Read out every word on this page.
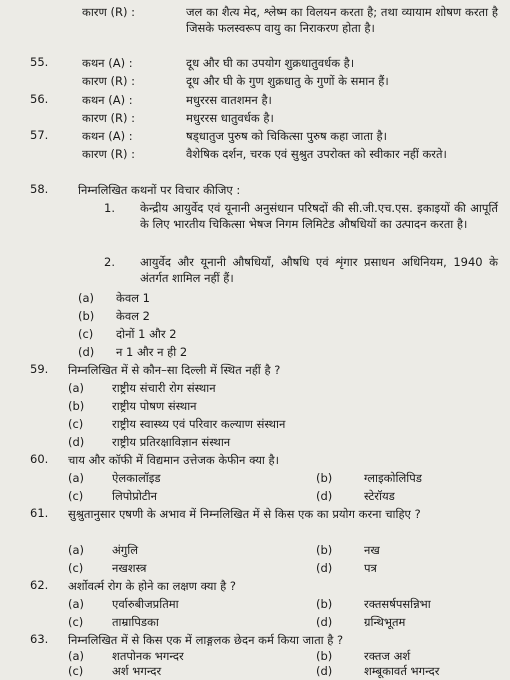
कारण (R) :	जल का शैत्य मेद, श्लेष्म का विलयन करता है; तथा व्यायाम शोषण करता है जिसके फलस्वरूप वायु का निराकरण होता है।
55.	कथन (A) :	दूध और घी का उपयोग शुक्रधातुवर्धक है।
कारण (R) :	दूध और घी के गुण शुक्रधातु के गुणों के समान हैं।
56.	कथन (A) :	मधुररस वातशमन है।
कारण (R) :	मधुररस धातुवर्धक है।
57.	कथन (A) :	षड्धातुज पुरुष को चिकित्सा पुरुष कहा जाता है।
कारण (R) :	वैशेषिक दर्शन, चरक एवं सुश्रुत उपरोक्त को स्वीकार नहीं करते।
58.	निम्नलिखित कथनों पर विचार कीजिए :
1. केन्द्रीय आयुर्वेद एवं यूनानी अनुसंधान परिषदों की सी.जी.एच.एस. इकाइयों की आपूर्ति के लिए भारतीय चिकित्सा भेषज निगम लिमिटेड औषधियों का उत्पादन करता है।
2. आयुर्वेद और यूनानी औषधियाँ, औषधि एवं शृंगार प्रसाधन अधिनियम, 1940 के अंतर्गत शामिल नहीं हैं।
(a) केवल 1
(b) केवल 2
(c) दोनों 1 और 2
(d) न 1 और न ही 2
59. निम्नलिखित में से कौन–सा दिल्ली में स्थित नहीं है ?
(a) राष्ट्रीय संचारी रोग संस्थान
(b) राष्ट्रीय पोषण संस्थान
(c) राष्ट्रीय स्वास्थ्य एवं परिवार कल्याण संस्थान
(d) राष्ट्रीय प्रतिरक्षाविज्ञान संस्थान
60. चाय और कॉफी में विद्यमान उत्तेजक केफीन क्या है।
(a) ऐलकालॉइड	(b)	ग्लाइकोलिपिड
(c) लिपोप्रोटीन	(d)	स्टेरॉयड
61. सुश्रुतानुसार एषणी के अभाव में निम्नलिखित में से किस एक का प्रयोग करना चाहिए ?
(a) अंगुलि	(b)	नख
(c) नखशस्त्र	(d)	पत्र
62. अर्शोवर्त्म रोग के होने का लक्षण क्या है ?
(a) एर्वारुबीजप्रतिमा	(b)	रक्तसर्षपसन्निभा
(c) ताम्रापिडका	(d)	ग्रन्थिभूतम
63. निम्नलिखित में से किस एक में लाङ्गलक छेदन कर्म किया जाता है ?
(a) शतपोनक भगन्दर	(b)	रक्तज अर्श
(c) अर्श भगन्दर	(d)	शम्बूकावर्त भगन्दर
